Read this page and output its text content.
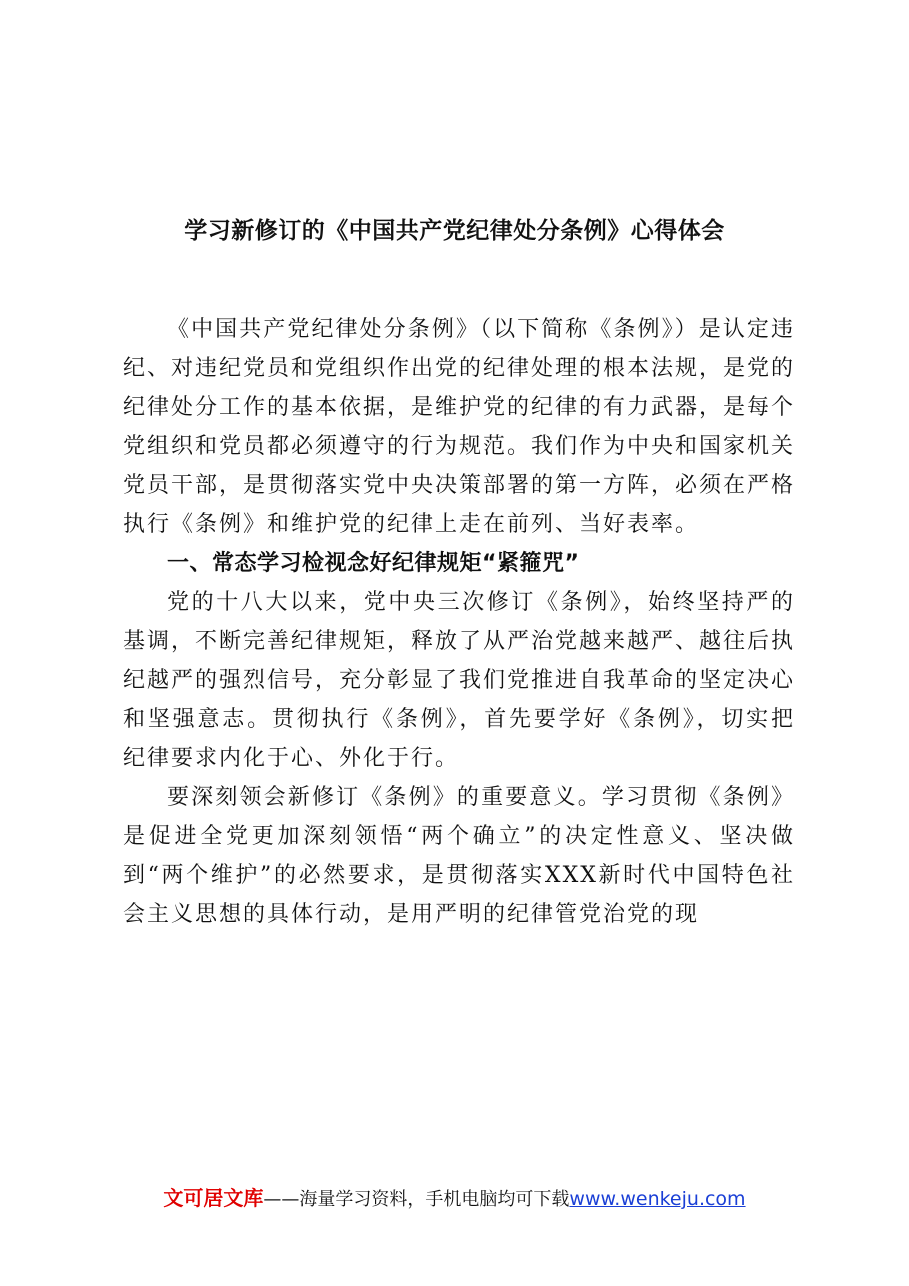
学习新修订的《中国共产党纪律处分条例》心得体会

《中国共产党纪律处分条例》（以下简称《条例》）是认定违纪、对违纪党员和党组织作出党的纪律处理的根本法规，是党的纪律处分工作的基本依据，是维护党的纪律的有力武器，是每个党组织和党员都必须遵守的行为规范。我们作为中央和国家机关党员干部，是贯彻落实党中央决策部署的第一方阵，必须在严格执行《条例》和维护党的纪律上走在前列、当好表率。

一、常态学习检视念好纪律规矩“紧箍咒”

党的十八大以来，党中央三次修订《条例》，始终坚持严的基调，不断完善纪律规矩，释放了从严治党越来越严、越往后执纪越严的强烈信号，充分彰显了我们党推进自我革命的坚定决心和坚强意志。贯彻执行《条例》，首先要学好《条例》，切实把纪律要求内化于心、外化于行。

要深刻领会新修订《条例》的重要意义。学习贯彻《条例》是促进全党更加深刻领悟“两个确立”的决定性意义、坚决做到“两个维护”的必然要求，是贯彻落实XXX新时代中国特色社会主义思想的具体行动，是用严明的纪律管党治党的现

文可居文库——海量学习资料，手机电脑均可下载www.wenkeju.com
